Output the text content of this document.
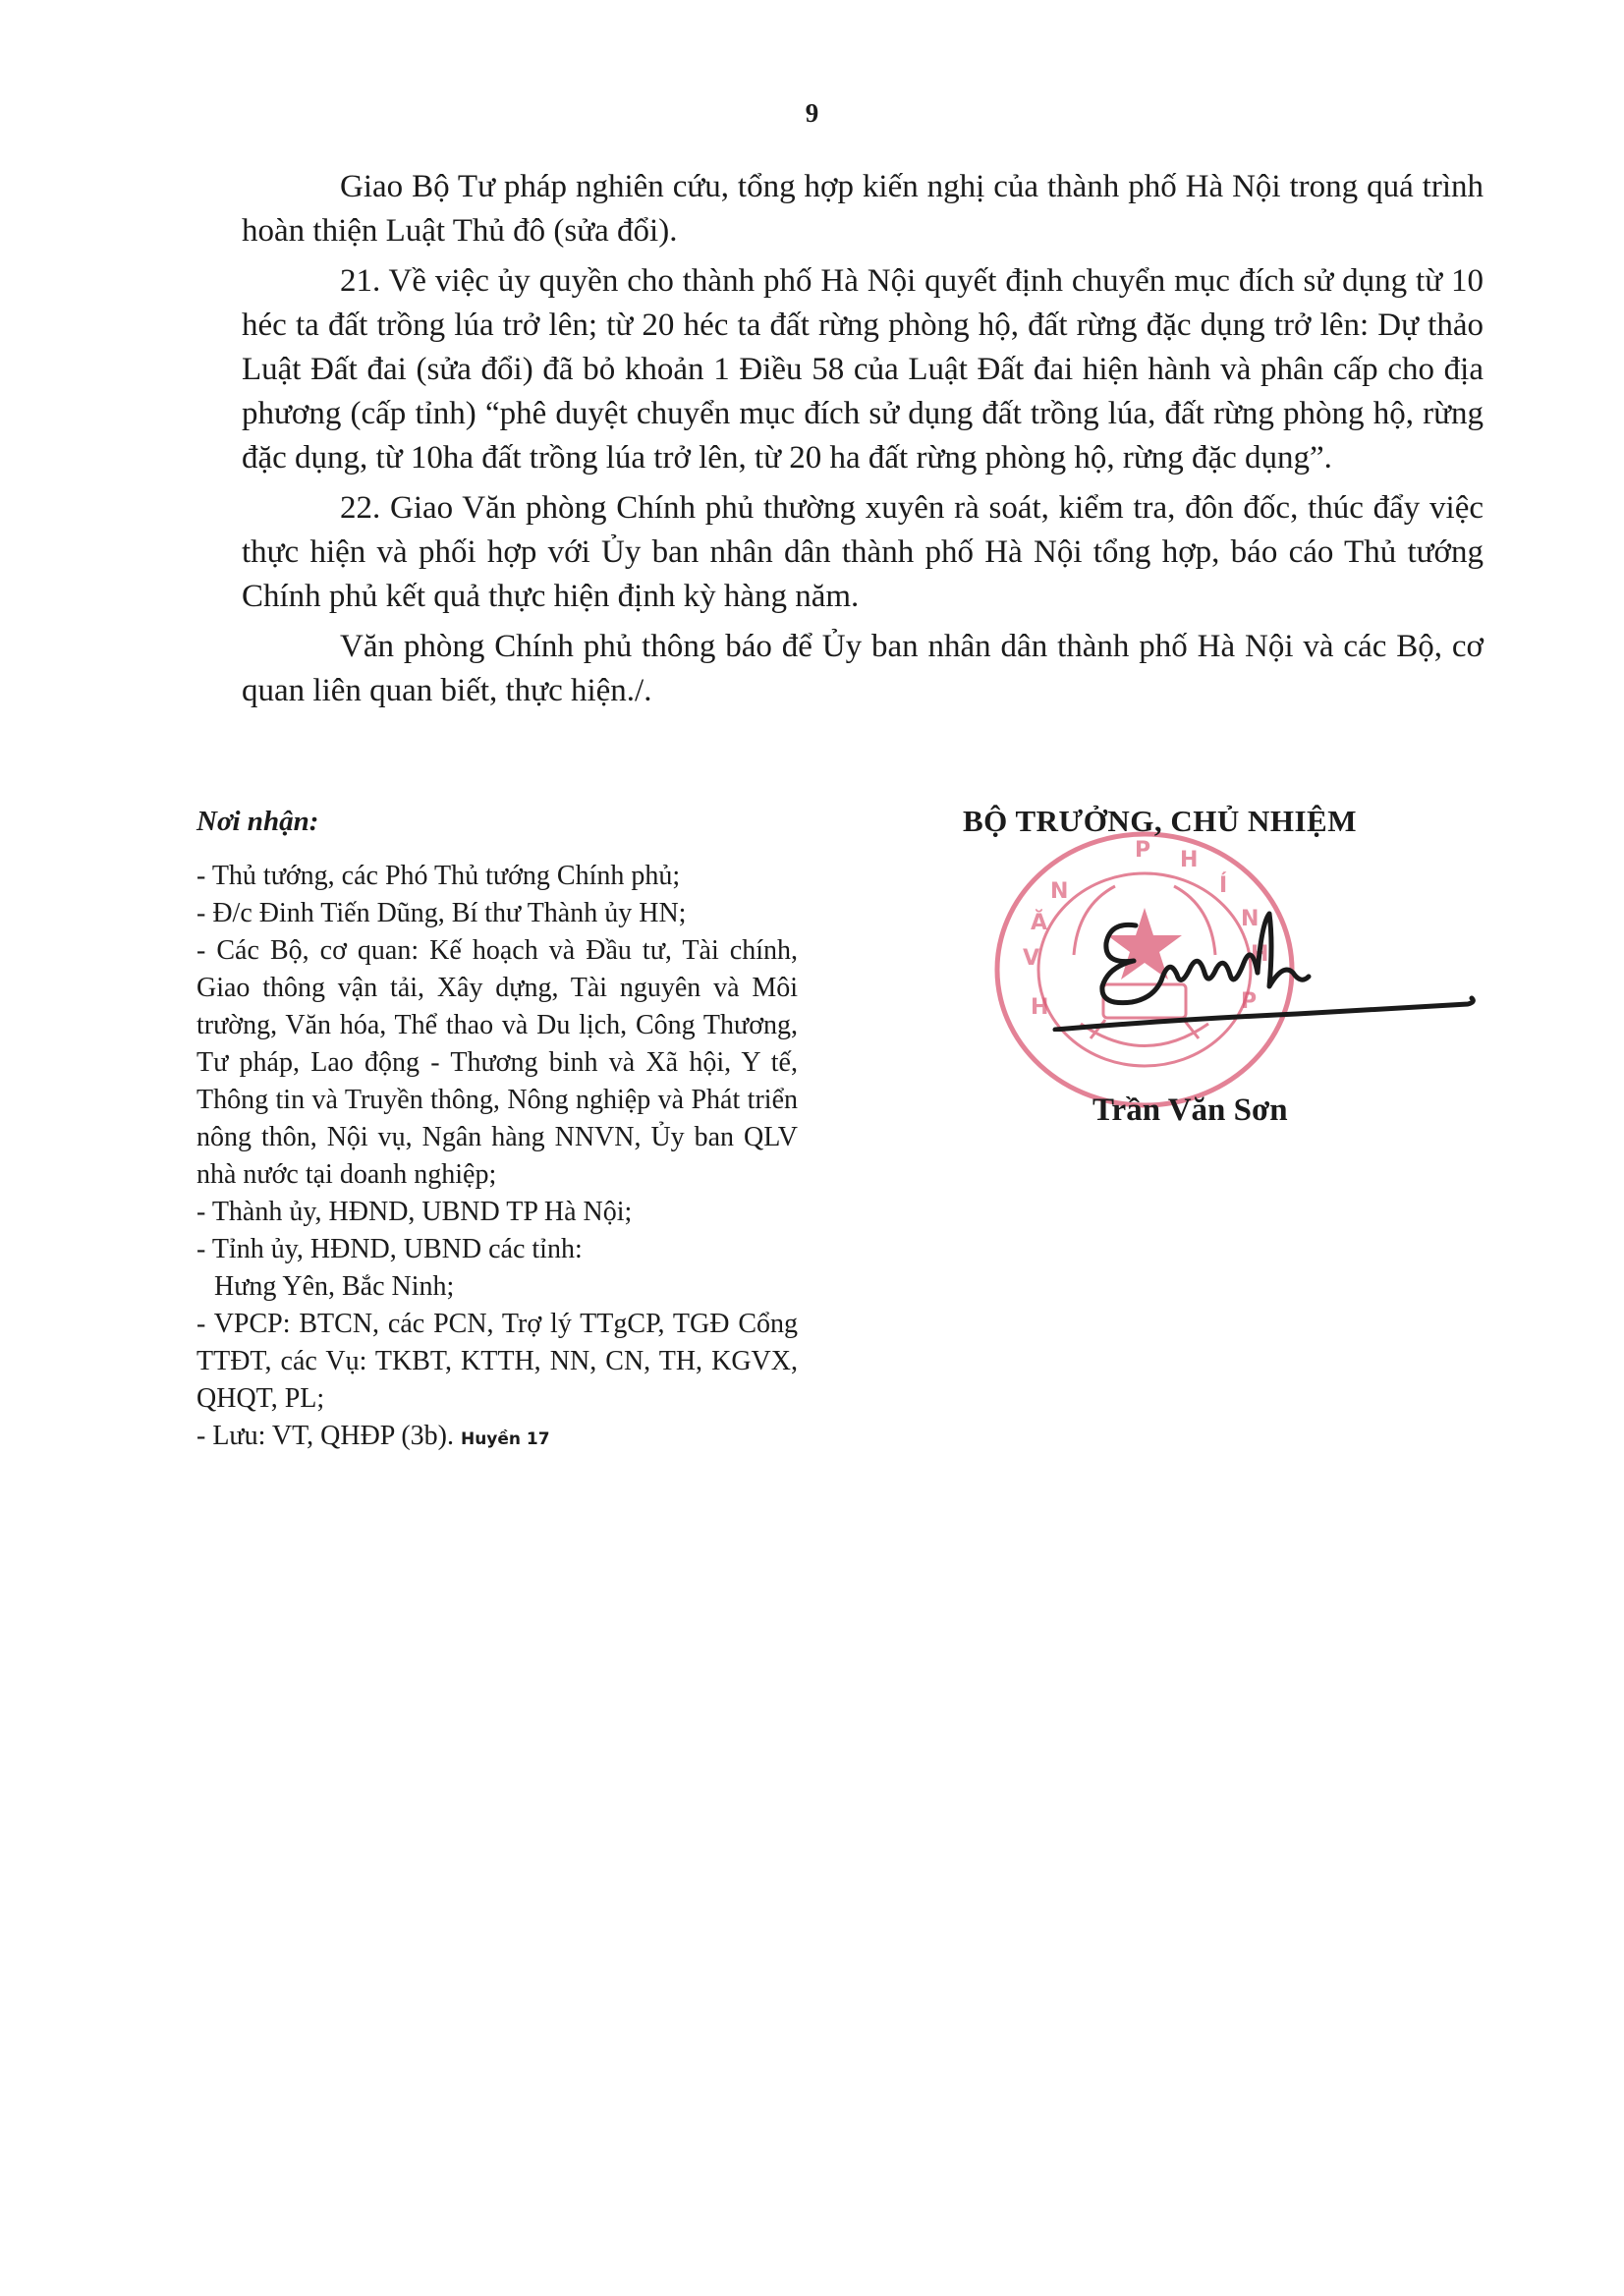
9

Giao Bộ Tư pháp nghiên cứu, tổng hợp kiến nghị của thành phố Hà Nội trong quá trình hoàn thiện Luật Thủ đô (sửa đổi).

21. Về việc ủy quyền cho thành phố Hà Nội quyết định chuyển mục đích sử dụng từ 10 héc ta đất trồng lúa trở lên; từ 20 héc ta đất rừng phòng hộ, đất rừng đặc dụng trở lên: Dự thảo Luật Đất đai (sửa đổi) đã bỏ khoản 1 Điều 58 của Luật Đất đai hiện hành và phân cấp cho địa phương (cấp tỉnh) “phê duyệt chuyển mục đích sử dụng đất trồng lúa, đất rừng phòng hộ, rừng đặc dụng, từ 10ha đất trồng lúa trở lên, từ 20 ha đất rừng phòng hộ, rừng đặc dụng”.

22. Giao Văn phòng Chính phủ thường xuyên rà soát, kiểm tra, đôn đốc, thúc đẩy việc thực hiện và phối hợp với Ủy ban nhân dân thành phố Hà Nội tổng hợp, báo cáo Thủ tướng Chính phủ kết quả thực hiện định kỳ hàng năm.

Văn phòng Chính phủ thông báo để Ủy ban nhân dân thành phố Hà Nội và các Bộ, cơ quan liên quan biết, thực hiện./.

Nơi nhận:
- Thủ tướng, các Phó Thủ tướng Chính phủ;
- Đ/c Đinh Tiến Dũng, Bí thư Thành ủy HN;
- Các Bộ, cơ quan: Kế hoạch và Đầu tư, Tài chính, Giao thông vận tải, Xây dựng, Tài nguyên và Môi trường, Văn hóa, Thể thao và Du lịch, Công Thương, Tư pháp, Lao động - Thương binh và Xã hội, Y tế, Thông tin và Truyền thông, Nông nghiệp và Phát triển nông thôn, Nội vụ, Ngân hàng NNVN, Ủy ban QLV nhà nước tại doanh nghiệp;
- Thành ủy, HĐND, UBND TP Hà Nội;
- Tỉnh ủy, HĐND, UBND các tỉnh:
Hưng Yên, Bắc Ninh;
- VPCP: BTCN, các PCN, Trợ lý TTgCP, TGĐ Cổng TTĐT, các Vụ: TKBT, KTTH, NN, CN, TH, KGVX, QHQT, PL;
- Lưu: VT, QHĐP (3b). Huyền 17
V
Ă
N
P H
Í
N
H
P
H
BỘ TRƯỞNG, CHỦ NHIỆM
Trần Văn Sơn
